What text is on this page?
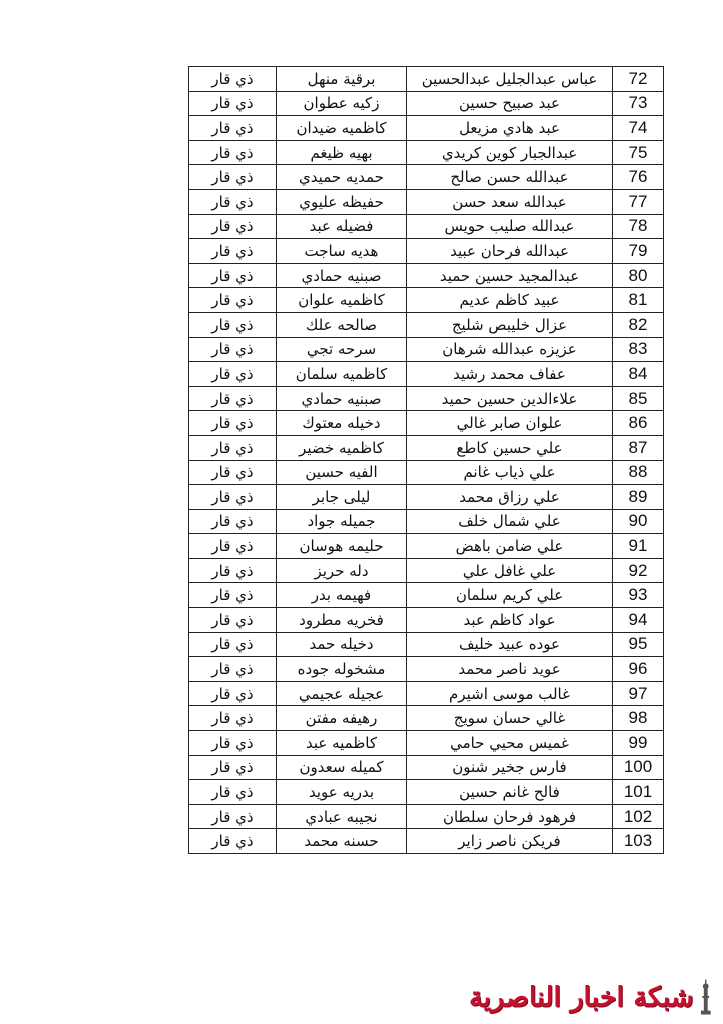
72	عباس عبدالجليل عبدالحسين	برقية منهل	ذي قار
73	عبد صبيح حسين	زكيه عطوان	ذي قار
74	عبد هادي مزيعل	كاظميه ضيدان	ذي قار
75	عبدالجبار كوين كريدي	بهيه ظيغم	ذي قار
76	عبدالله حسن صالح	حمديه حميدي	ذي قار
77	عبدالله سعد حسن	حفيظه عليوي	ذي قار
78	عبدالله صليب حويس	فضيله عبد	ذي قار
79	عبدالله فرحان عبيد	هديه ساجت	ذي قار
80	عبدالمجيد حسين حميد	صبنيه حمادي	ذي قار
81	عبيد كاظم عديم	كاظميه علوان	ذي قار
82	عزال خليبص شليج	صالحه علك	ذي قار
83	عزيزه عبدالله شرهان	سرحه تجي	ذي قار
84	عفاف محمد رشيد	كاظميه سلمان	ذي قار
85	علاءالدين حسين حميد	صبنيه حمادي	ذي قار
86	علوان صابر غالي	دخيله معتوك	ذي قار
87	علي حسين كاطع	كاظميه خضير	ذي قار
88	علي ذياب غانم	الفيه حسين	ذي قار
89	علي رزاق محمد	ليلى جابر	ذي قار
90	علي شمال خلف	جميله جواد	ذي قار
91	علي ضامن باهض	حليمه هوسان	ذي قار
92	علي غافل علي	دله حريز	ذي قار
93	علي كريم سلمان	فهيمه بدر	ذي قار
94	عواد كاظم عبد	فخريه مطرود	ذي قار
95	عوده عبيد خليف	دخيله حمد	ذي قار
96	عويد ناصر محمد	مشخوله جوده	ذي قار
97	غالب موسى اشيرم	عجيله عجيمي	ذي قار
98	غالي حسان سويج	رهيفه مفتن	ذي قار
99	غميس محيي حامي	كاظميه عبد	ذي قار
100	فارس جخير شنون	كميله سعدون	ذي قار
101	فالح غانم حسين	بدريه عويد	ذي قار
102	فرهود فرحان سلطان	نجيبه عبادي	ذي قار
103	فريكن ناصر زاير	حسنه محمد	ذي قار
شبكة اخبار الناصرية
